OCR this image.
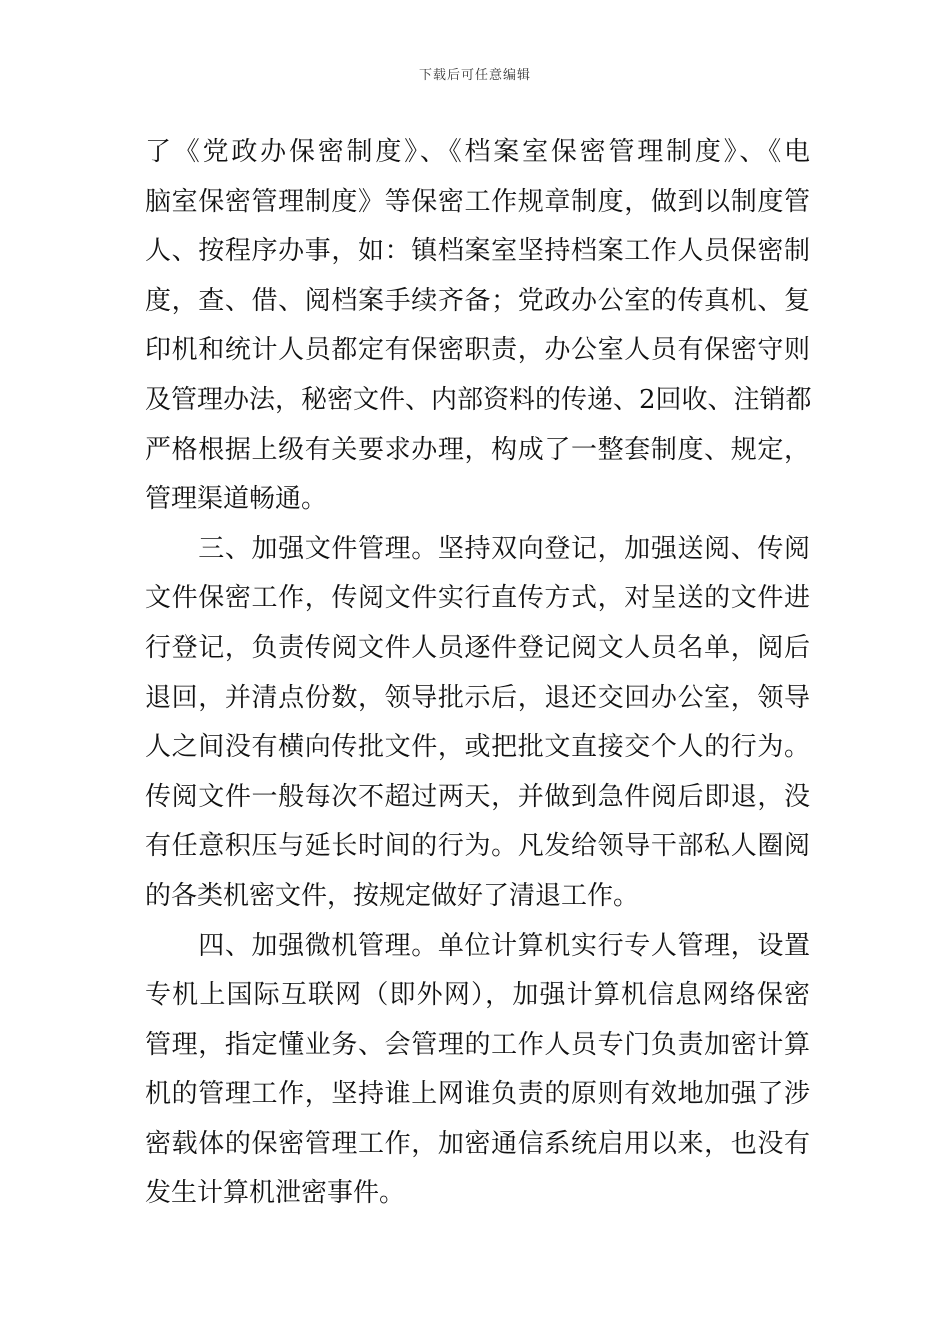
下载后可任意编辑
了《党政办保密制度》、《档案室保密管理制度》、《电
脑室保密管理制度》等保密工作规章制度，做到以制度管
人、按程序办事，如：镇档案室坚持档案工作人员保密制
度，查、借、阅档案手续齐备；党政办公室的传真机、复
印机和统计人员都定有保密职责，办公室人员有保密守则
及管理办法，秘密文件、内部资料的传递、2回收、注销都
严格根据上级有关要求办理，构成了一整套制度、规定，
管理渠道畅通。
　　三、加强文件管理。坚持双向登记，加强送阅、传阅
文件保密工作，传阅文件实行直传方式，对呈送的文件进
行登记，负责传阅文件人员逐件登记阅文人员名单，阅后
退回，并清点份数，领导批示后，退还交回办公室，领导
人之间没有横向传批文件，或把批文直接交个人的行为。
传阅文件一般每次不超过两天，并做到急件阅后即退，没
有任意积压与延长时间的行为。凡发给领导干部私人圈阅
的各类机密文件，按规定做好了清退工作。
　　四、加强微机管理。单位计算机实行专人管理，设置
专机上国际互联网（即外网），加强计算机信息网络保密
管理，指定懂业务、会管理的工作人员专门负责加密计算
机的管理工作，坚持谁上网谁负责的原则有效地加强了涉
密载体的保密管理工作，加密通信系统启用以来，也没有
发生计算机泄密事件。
